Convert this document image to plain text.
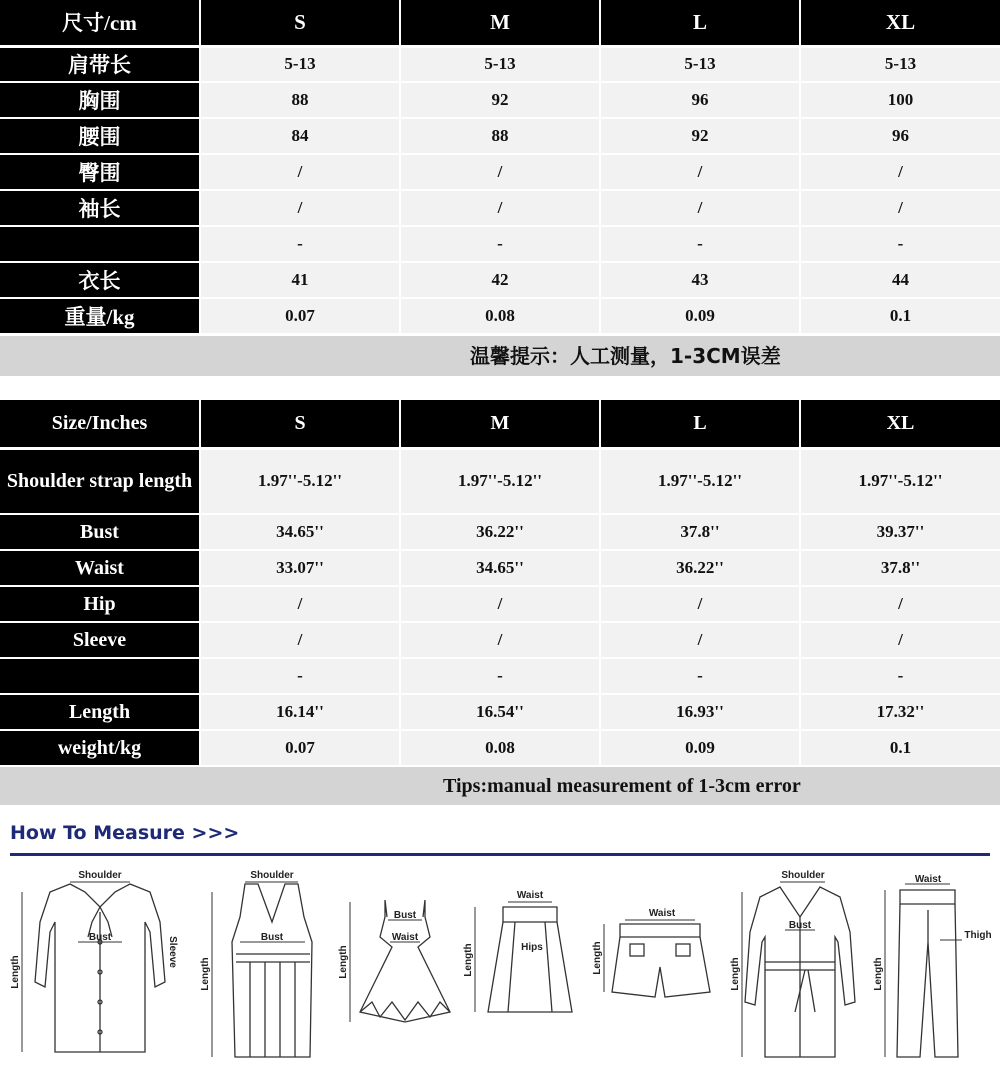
尺寸/cm	S	M	L	XL
肩带长	5-13	5-13	5-13	5-13
胸围	88	92	96	100
腰围	84	88	92	96
臀围	/	/	/	/
袖长	/	/	/	/
	-	-	-	-
衣长	41	42	43	44
重量/kg	0.07	0.08	0.09	0.1
温馨提示：人工测量，1-3CM误差
Size/Inches	S	M	L	XL
Shoulder strap length	1.97''-5.12''	1.97''-5.12''	1.97''-5.12''	1.97''-5.12''
Bust	34.65''	36.22''	37.8''	39.37''
Waist	33.07''	34.65''	36.22''	37.8''
Hip	/	/	/	/
Sleeve	/	/	/	/
	-	-	-	-
Length	16.14''	16.54''	16.93''	17.32''
weight/kg	0.07	0.08	0.09	0.1
Tips:manual measurement of 1-3cm error
How To Measure >>>
Shoulder
Bust	Sleeve
Length
Shoulder
Bust
Length
Bust
Waist
Length
Waist
Hips
Length
Waist
Length
Shoulder
Bust
Length
Waist
Thigh
Length
